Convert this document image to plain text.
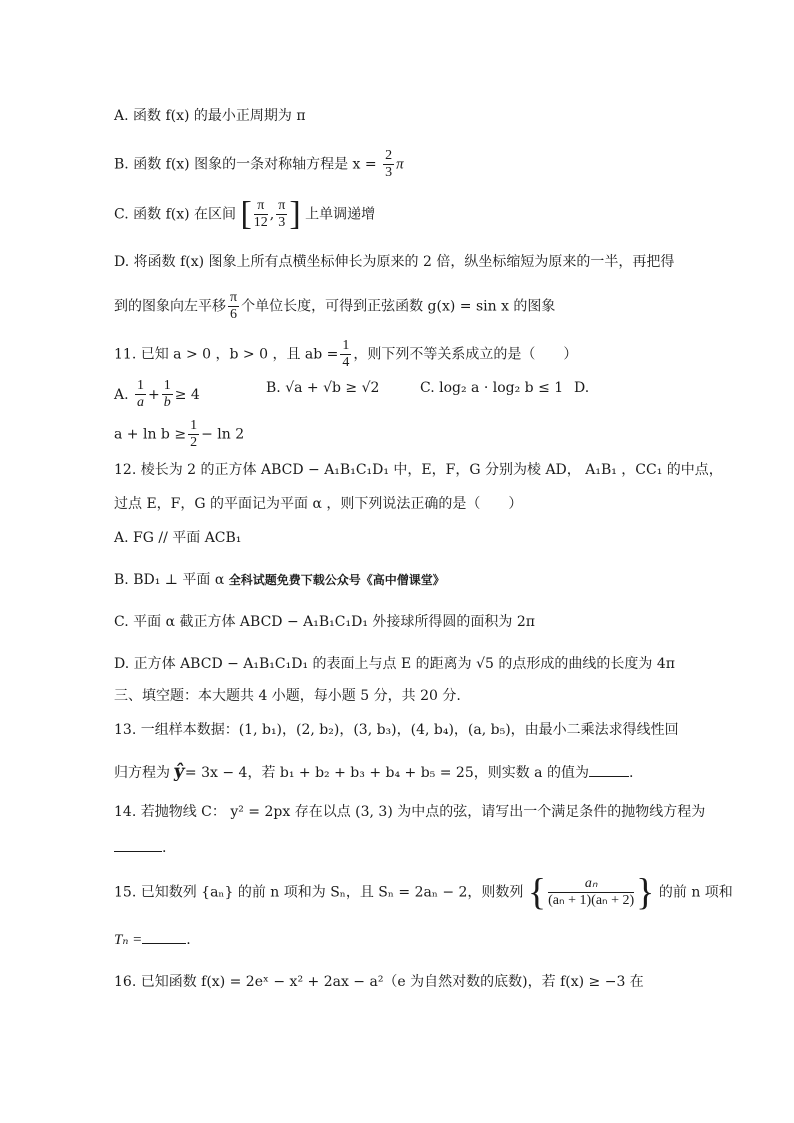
A. 函数 f(x) 的最小正周期为 π
B. 函数 f(x) 图象的一条对称轴方程是 $x = \frac{2}{3}$ π
C. 函数 f(x) 在区间 [ $\frac{\pi}{12}$ , $\frac{\pi}{3}$ ] 上单调递增
D. 将函数 f(x) 图象上所有点横坐标伸长为原来的 2 倍，纵坐标缩短为原来的一半，再把得
到的图象向左平移 $\frac{\pi}{6}$ 个单位长度，可得到正弦函数 g(x) = sin x 的图象
11. 已知 a > 0 ，b > 0 ，且 ab = $\frac{1}{4}$ ，则下列不等关系成立的是（　　）
A. $\frac{1}{a} + \frac{1}{b} \ge 4$	B. √a + √b ≥ √2	C. log₂ a · log₂ b ≤ 1 D.
$a + \ln b \ge \frac{1}{2} - \ln 2$
12. 棱长为 2 的正方体 ABCD − A₁B₁C₁D₁ 中，E，F，G 分别为棱 AD， A₁B₁ ，CC₁ 的中点，
过点 E，F，G 的平面记为平面 α ，则下列说法正确的是（　　）
A. FG // 平面 ACB₁
B. BD₁ ⊥ 平面 α 全科试题免费下载公众号《高中僧课堂》
C. 平面 α 截正方体 ABCD − A₁B₁C₁D₁ 外接球所得圆的面积为 2π
D. 正方体 ABCD − A₁B₁C₁D₁ 的表面上与点 E 的距离为 √5 的点形成的曲线的长度为 4π
三、填空题：本大题共 4 小题，每小题 5 分，共 20 分.
13. 一组样本数据：(1, b₁)，(2, b₂)，(3, b₃)，(4, b₄)，(a, b₅)，由最小二乘法求得线性回
归方程为 ŷ= 3x − 4，若 b₁ + b₂ + b₃ + b₄ + b₅ = 25，则实数 a 的值为	.
14. 若抛物线 C： y² = 2px 存在以点 (3, 3) 为中点的弦，请写出一个满足条件的抛物线方程为
.
15. 已知数列 {aₙ} 的前 n 项和为 Sₙ，且 Sₙ = 2aₙ − 2，则数列 { $\frac{\text{aₙ}}{\text{(aₙ + 1)(aₙ + 2)}}$ } 的前 n 项和
Tₙ =	.
16. 已知函数 f(x) = 2eˣ − x² + 2ax − a²（e 为自然对数的底数)，若 f(x) ≥ −3 在
